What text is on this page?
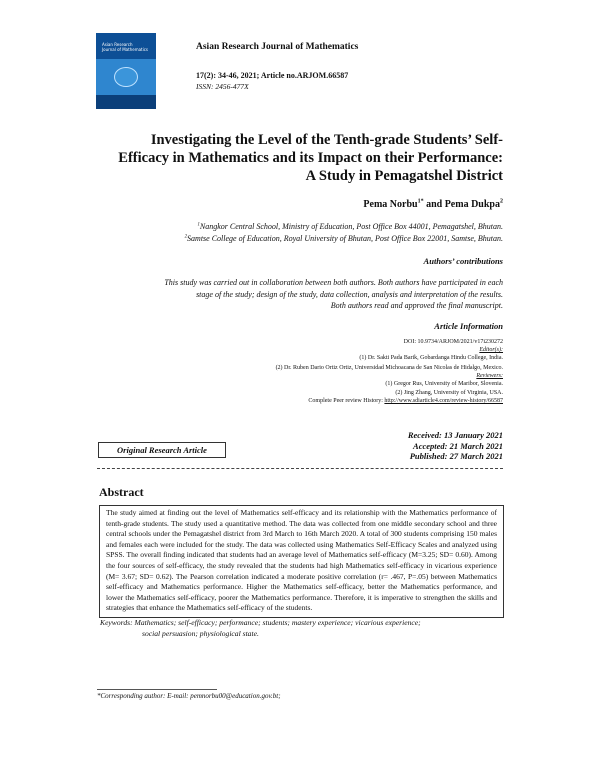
Asian Research
Journal of Mathematics	Asian Research Journal of Mathematics
17(2): 34-46, 2021; Article no.ARJOM.66587
ISSN: 2456-477X
Investigating the Level of the Tenth-grade Students’ Self-
Efficacy in Mathematics and its Impact on their Performance:
A Study in Pemagatshel District
Pema Norbu$^{1*}$ and Pema Dukpa$^2$
$^1$Nangkor Central School, Ministry of Education, Post Office Box 44001, Pemagatshel, Bhutan.
$^2$Samtse College of Education, Royal University of Bhutan, Post Office Box 22001, Samtse, Bhutan.
Authors’ contributions
This study was carried out in collaboration between both authors. Both authors have participated in each
stage of the study; design of the study, data collection, analysis and interpretation of the results.
Both authors read and approved the final manuscript.
Article Information
DOI: 10.9734/ARJOM/2021/v17i230272
Editor(s):
(1) Dr. Sakti Pada Barik, Gobardanga Hindu College, India.
(2) Dr. Ruben Dario Ortiz Ortiz, Universidad Michoacana de San Nicolas de Hidalgo, Mexico.
Reviewers:
(1) Gregor Rus, University of Maribor, Slovenia.
(2) Jing Zhang, University of Virginia, USA.
Complete Peer review History: http://www.sdiarticle4.com/review-history/66587
Original Research Article
Received: 13 January 2021
Accepted: 21 March 2021
Published: 27 March 2021
Abstract
The study aimed at finding out the level of Mathematics self-efficacy and its relationship with the Mathematics performance of tenth-grade students. The study used a quantitative method. The data was collected from one middle secondary school and three central schools under the Pemagatshel district from 3rd March to 16th March 2020. A total of 300 students comprising 150 males and females each were included for the study. The data was collected using Mathematics Self-Efficacy Scales and analyzed using SPSS. The overall finding indicated that students had an average level of Mathematics self-efficacy (M=3.25; SD= 0.60). Among the four sources of self-efficacy, the study revealed that the students had high Mathematics self-efficacy in vicarious experience (M= 3.67; SD= 0.62). The Pearson correlation indicated a moderate positive correlation (r= .467, P=.05) between Mathematics self-efficacy and Mathematics performance. Higher the Mathematics self-efficacy, better the Mathematics performance, and lower the Mathematics self-efficacy, poorer the Mathematics performance. Therefore, it is imperative to strengthen the skills and strategies that enhance the Mathematics self-efficacy of the students.
Keywords: Mathematics; self-efficacy; performance; students; mastery experience; vicarious experience;
social persuasion; physiological state.
*Corresponding author: E-mail: pemnorbu00@education.gov.bt;
